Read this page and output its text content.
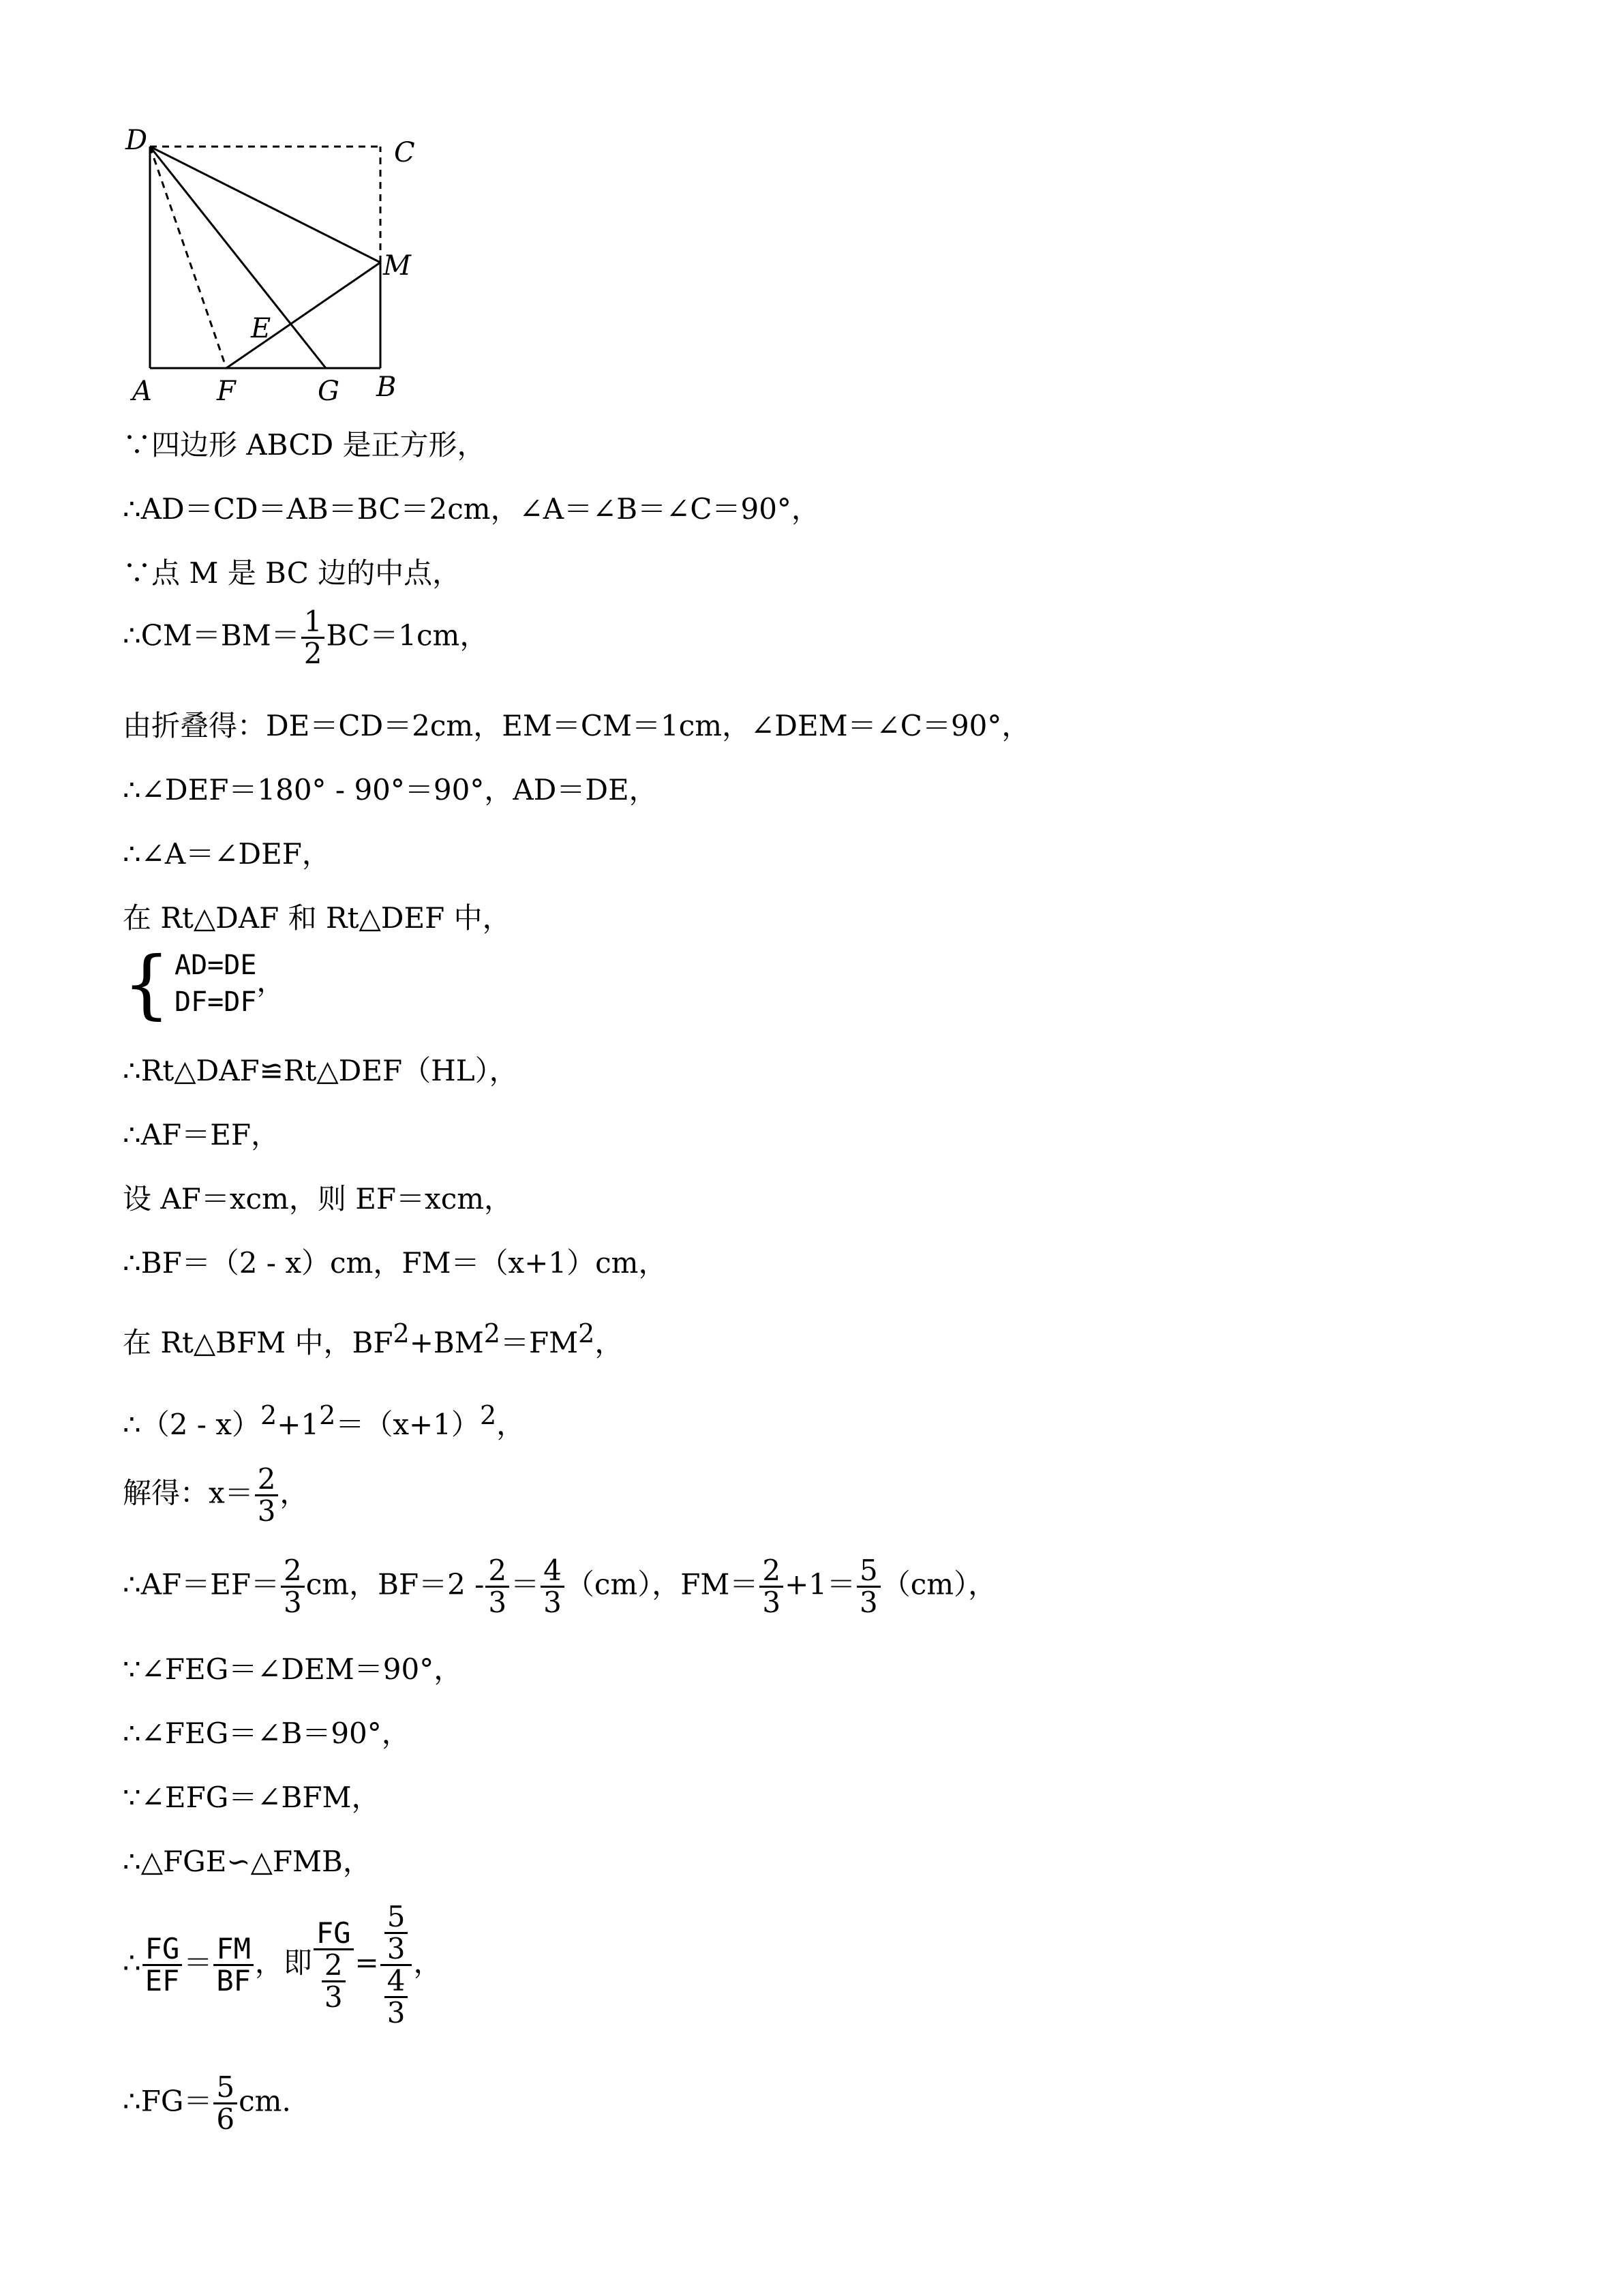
D	C
M
E
A F	G B
∵四边形 ABCD 是正方形，
∴AD＝CD＝AB＝BC＝2cm，∠A＝∠B＝∠C＝90°，
∵点 M 是 BC 边的中点，
∴CM＝BM＝ $\frac{1}{2} BC=1cm$，
由折叠得：DE＝CD＝2cm，EM＝CM＝1cm，∠DEM＝∠C＝90°，
∴∠DEF＝180° - 90°＝90°，AD＝DE，
∴∠A＝∠DEF，
在 Rt△DAF 和 Rt△DEF 中，
{ AD=DE
DF=DF
，
∴Rt△DAF≌Rt△DEF（HL），
∴AF＝EF，
设 AF＝xcm，则 EF＝xcm，
∴BF＝（2 - x）cm，FM＝（x+1）cm，
在 Rt△BFM 中，$BF^2+BM^2=FM^2$，
∴（2 - $x)^2+1^2=(x+1)^2$，
解得：$x= \frac{2}{3}$ ，
∴AF＝EF＝ $\frac{2}{3}$ cm，$BF=2 - \frac{2}{3} = \frac{4}{3} (cm)$，$FM= \frac{2}{3} +1= \frac{5}{3} (cm)$，
∵∠FEG＝∠DEM＝90°，
∴∠FEG＝∠B＝90°，
∵∠EFG＝∠BFM，
∴△FGE∽△FMB，
∴ $\frac{FG}{EF} = \frac{FM}{BF}$ ，即 $\frac{FG}{\frac{2}{3}} = \frac{\frac{5}{3}}{\frac{4}{3}}$ ，
∴FG＝ $\frac{5}{6}$ cm.
